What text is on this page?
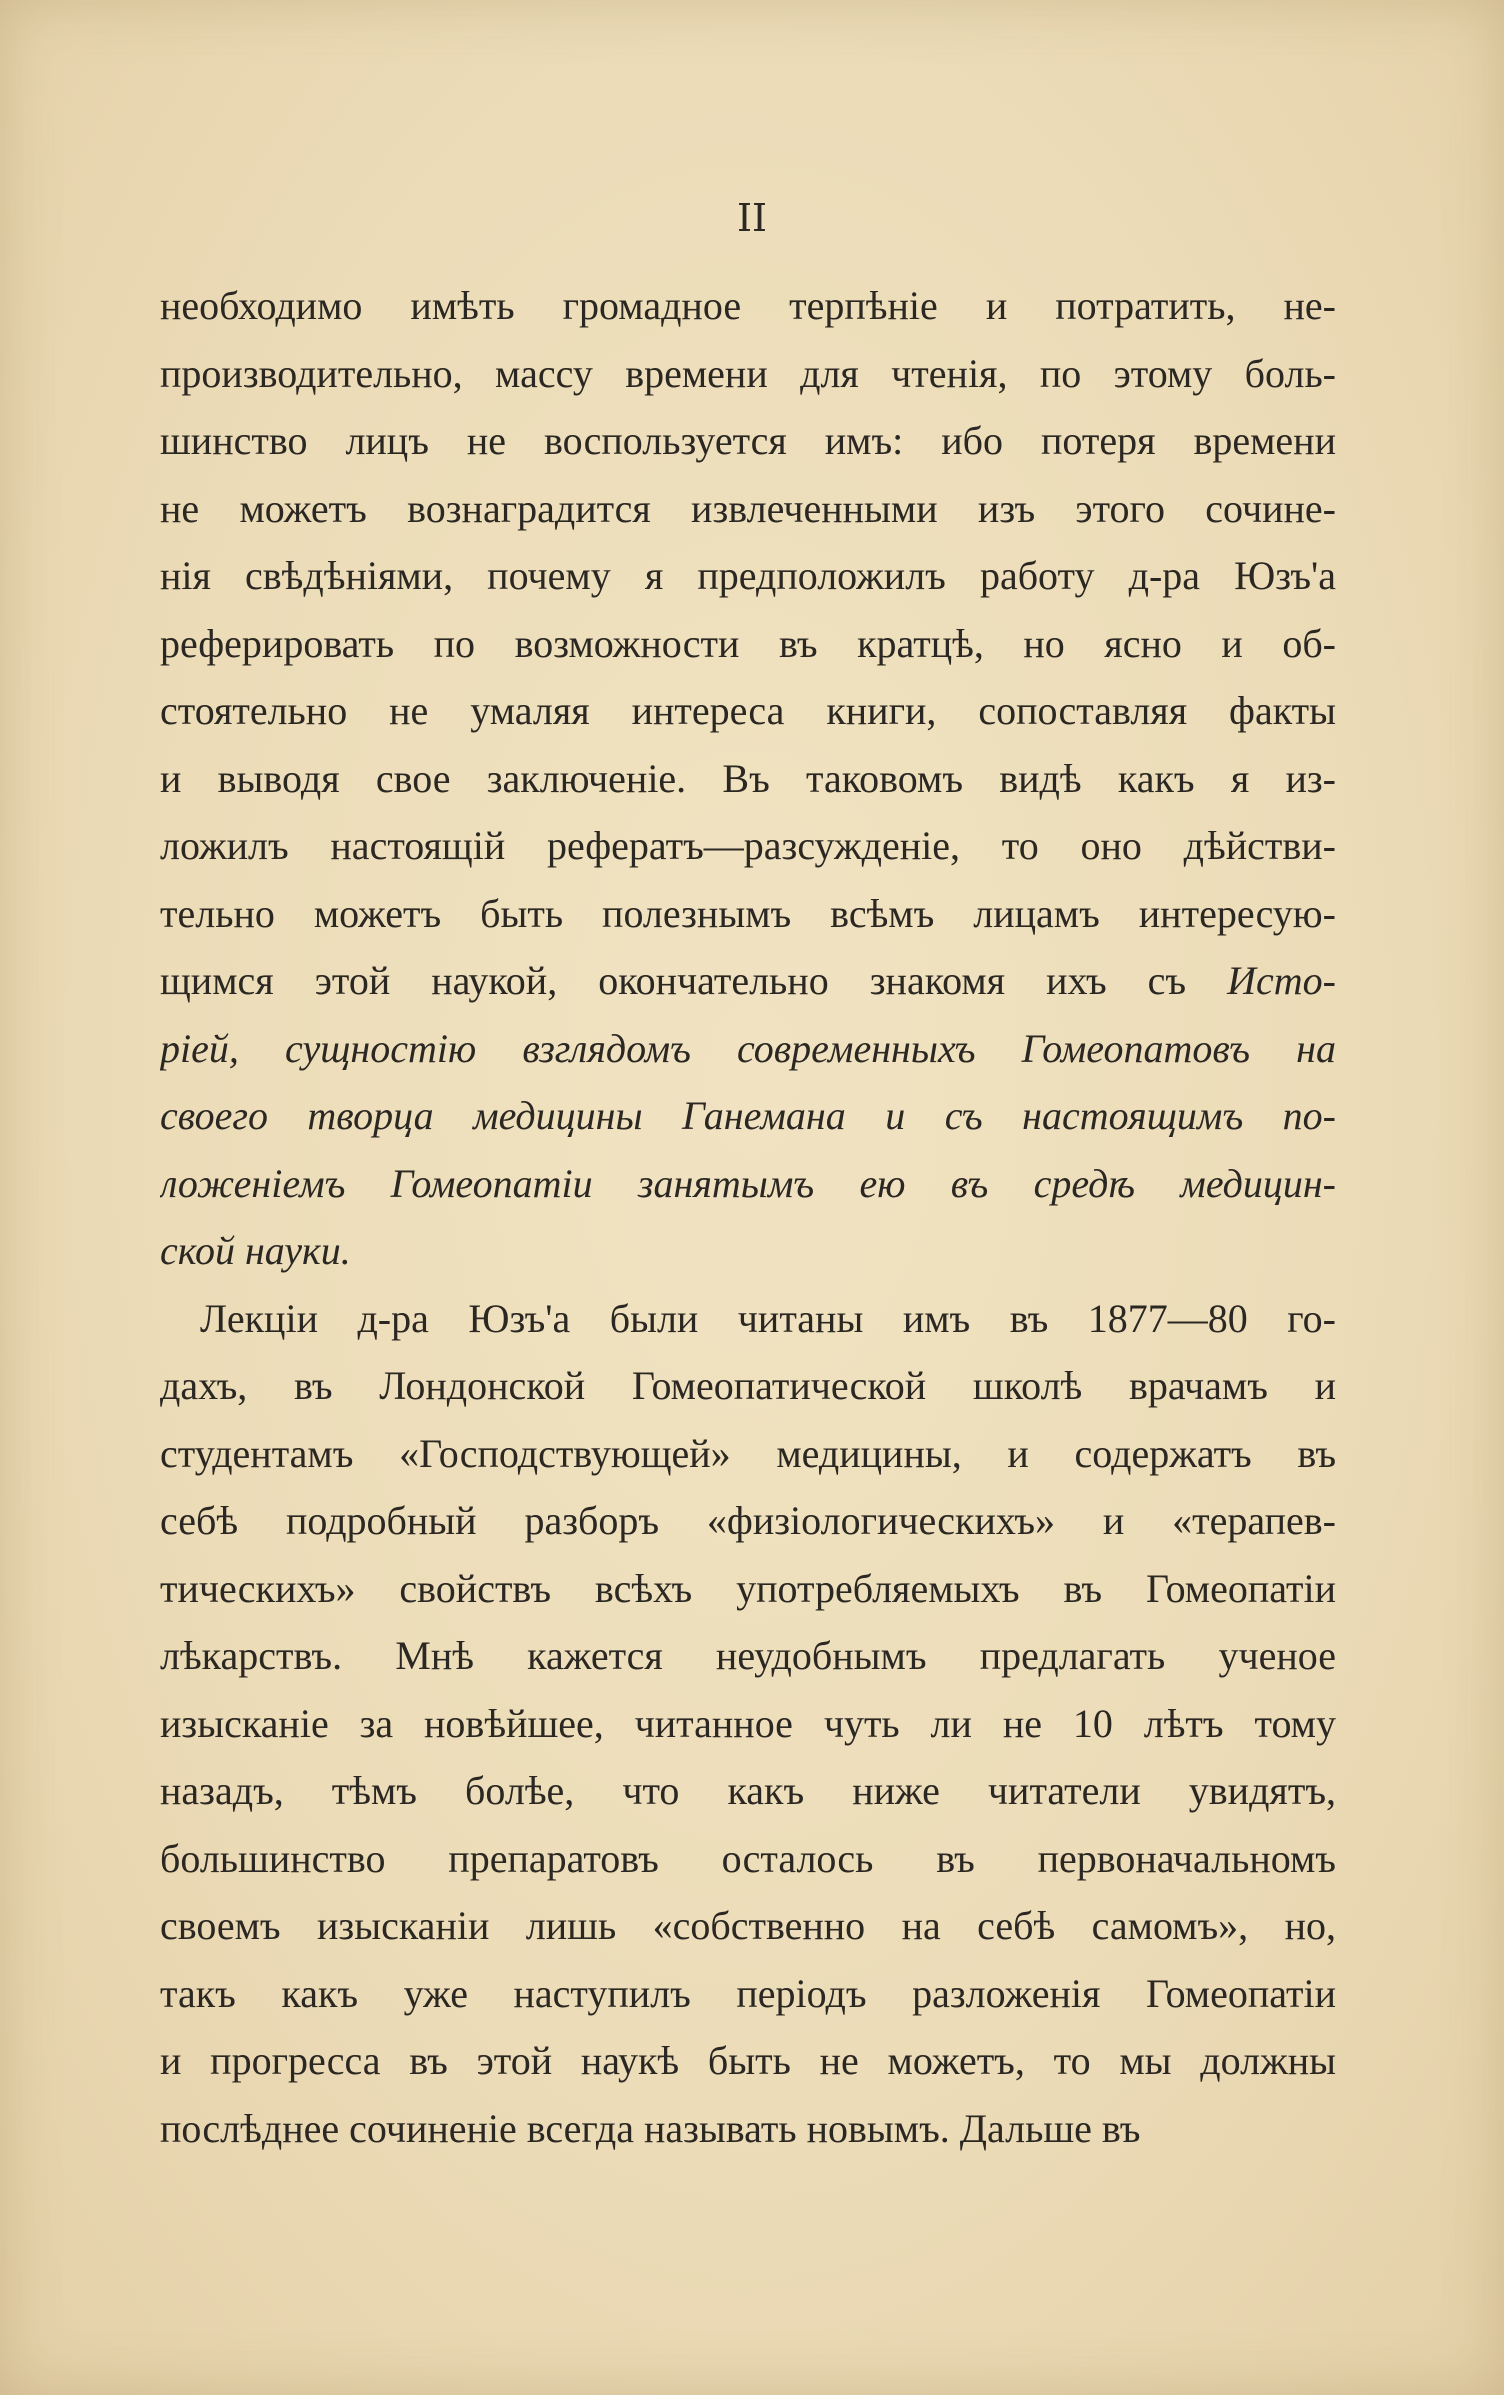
II
необходимо имѣть громадное терпѣніе и потратить, не-
производительно, массу времени для чтенія, по этому боль-
шинство лицъ не воспользуется имъ: ибо потеря времени
не можетъ вознаградится извлеченными изъ этого сочине-
нія свѣдѣніями, почему я предположилъ работу д-ра Юзъ'а
реферировать по возможности въ кратцѣ, но ясно и об-
стоятельно не умаляя интереса книги, сопоставляя факты
и выводя свое заключеніе. Въ таковомъ видѣ какъ я из-
ложилъ настоящій рефератъ—разсужденіе, то оно дѣйстви-
тельно можетъ быть полезнымъ всѣмъ лицамъ интересую-
щимся этой наукой, окончательно знакомя ихъ съ Исто-
ріей, сущностію взглядомъ современныхъ Гомеопатовъ на
своего творца медицины Ганемана и съ настоящимъ по-
ложеніемъ Гомеопатіи занятымъ ею въ средѣ медицин-
ской науки.
Лекціи д-ра Юзъ'а были читаны имъ въ 1877—80 го-
дахъ, въ Лондонской Гомеопатической школѣ врачамъ и
студентамъ «Господствующей» медицины, и содержатъ въ
себѣ подробный разборъ «физіологическихъ» и «терапев-
тическихъ» свойствъ всѣхъ употребляемыхъ въ Гомеопатіи
лѣкарствъ. Мнѣ кажется неудобнымъ предлагать ученое
изысканіе за новѣйшее, читанное чуть ли не 10 лѣтъ тому
назадъ, тѣмъ болѣе, что какъ ниже читатели увидятъ,
большинство препаратовъ осталось въ первоначальномъ
своемъ изысканіи лишь «собственно на себѣ самомъ», но,
такъ какъ уже наступилъ періодъ разложенія Гомеопатіи
и прогресса въ этой наукѣ быть не можетъ, то мы должны
послѣднее сочиненіе всегда называть новымъ. Дальше въ
